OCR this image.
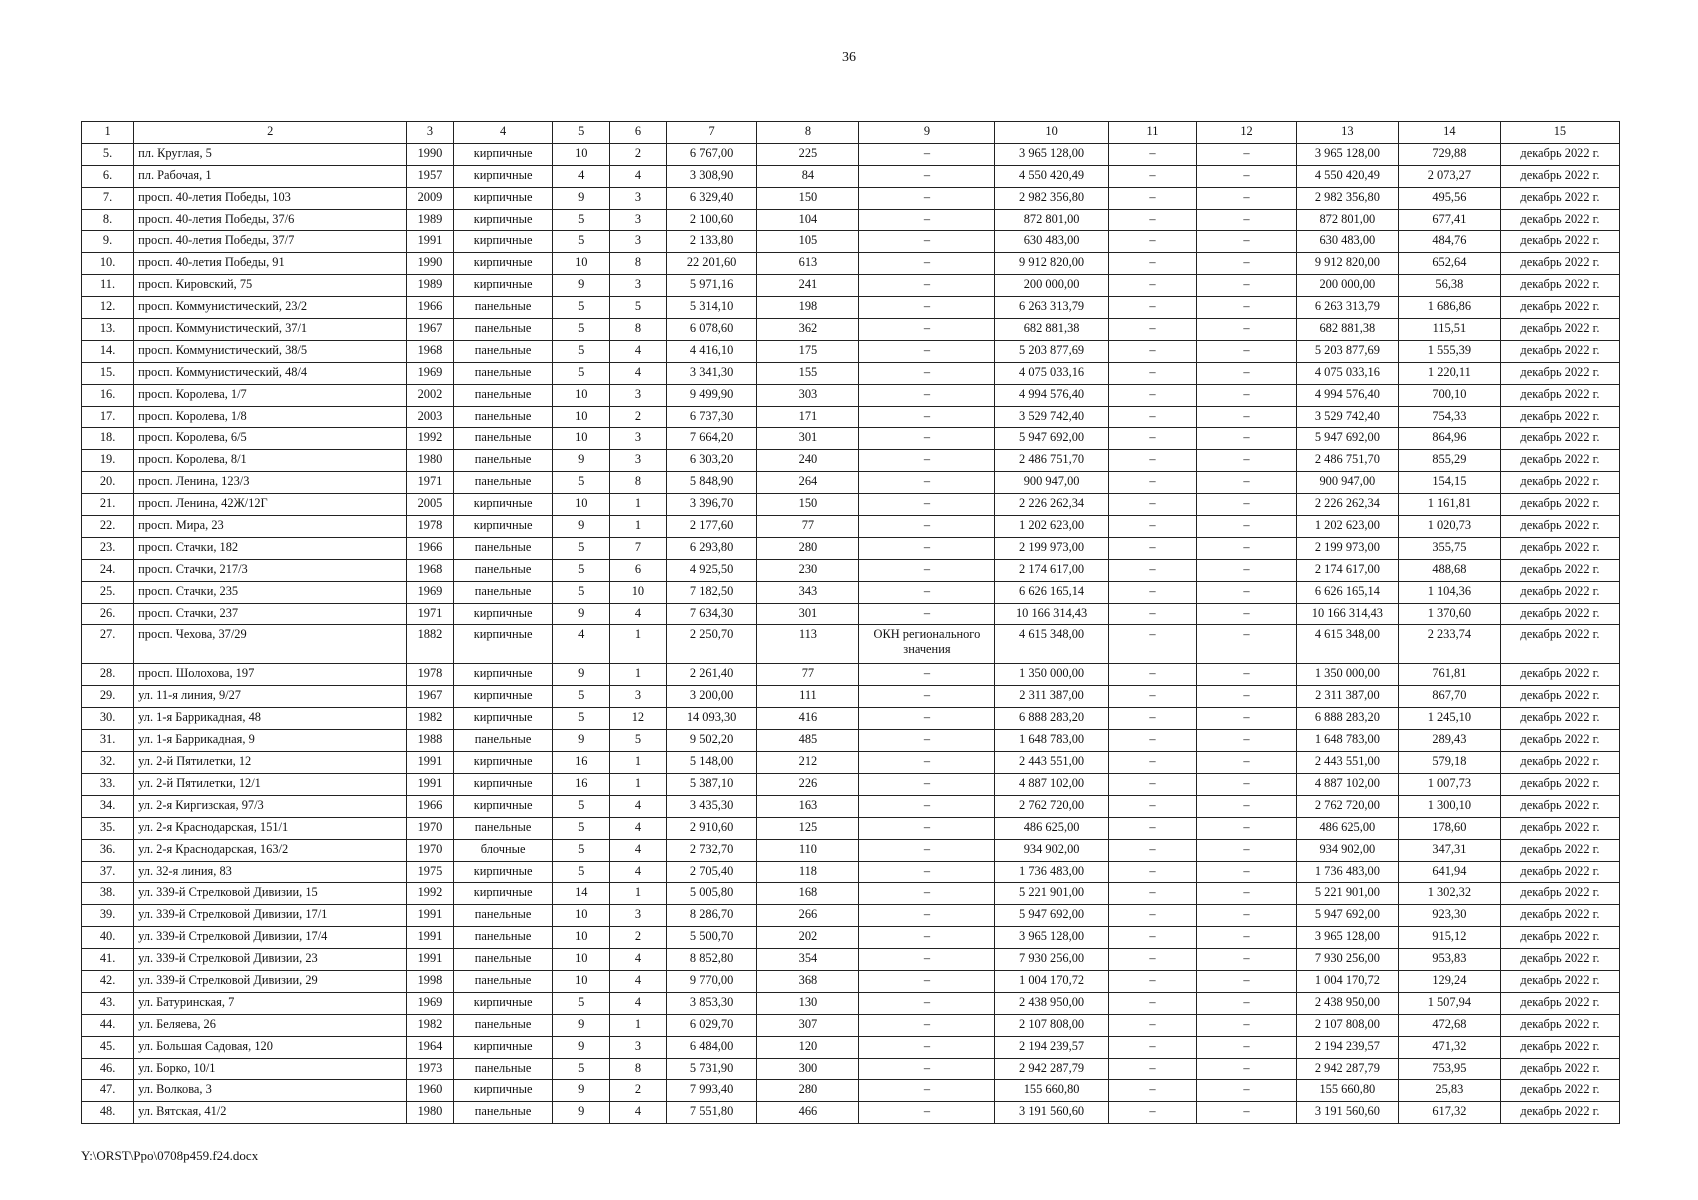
36
1	2	3	4	5	6	7	8	9	10	11	12	13	14	15
5.	пл. Круглая, 5	1990	кирпичные	10	2	6 767,00	225	–	3 965 128,00	–	–	3 965 128,00	729,88	декабрь 2022 г.
6.	пл. Рабочая, 1	1957	кирпичные	4	4	3 308,90	84	–	4 550 420,49	–	–	4 550 420,49	2 073,27	декабрь 2022 г.
7.	просп. 40-летия Победы, 103	2009	кирпичные	9	3	6 329,40	150	–	2 982 356,80	–	–	2 982 356,80	495,56	декабрь 2022 г.
8.	просп. 40-летия Победы, 37/6	1989	кирпичные	5	3	2 100,60	104	–	872 801,00	–	–	872 801,00	677,41	декабрь 2022 г.
9.	просп. 40-летия Победы, 37/7	1991	кирпичные	5	3	2 133,80	105	–	630 483,00	–	–	630 483,00	484,76	декабрь 2022 г.
10.	просп. 40-летия Победы, 91	1990	кирпичные	10	8	22 201,60	613	–	9 912 820,00	–	–	9 912 820,00	652,64	декабрь 2022 г.
11.	просп. Кировский, 75	1989	кирпичные	9	3	5 971,16	241	–	200 000,00	–	–	200 000,00	56,38	декабрь 2022 г.
12.	просп. Коммунистический, 23/2	1966	панельные	5	5	5 314,10	198	–	6 263 313,79	–	–	6 263 313,79	1 686,86	декабрь 2022 г.
13.	просп. Коммунистический, 37/1	1967	панельные	5	8	6 078,60	362	–	682 881,38	–	–	682 881,38	115,51	декабрь 2022 г.
14.	просп. Коммунистический, 38/5	1968	панельные	5	4	4 416,10	175	–	5 203 877,69	–	–	5 203 877,69	1 555,39	декабрь 2022 г.
15.	просп. Коммунистический, 48/4	1969	панельные	5	4	3 341,30	155	–	4 075 033,16	–	–	4 075 033,16	1 220,11	декабрь 2022 г.
16.	просп. Королева, 1/7	2002	панельные	10	3	9 499,90	303	–	4 994 576,40	–	–	4 994 576,40	700,10	декабрь 2022 г.
17.	просп. Королева, 1/8	2003	панельные	10	2	6 737,30	171	–	3 529 742,40	–	–	3 529 742,40	754,33	декабрь 2022 г.
18.	просп. Королева, 6/5	1992	панельные	10	3	7 664,20	301	–	5 947 692,00	–	–	5 947 692,00	864,96	декабрь 2022 г.
19.	просп. Королева, 8/1	1980	панельные	9	3	6 303,20	240	–	2 486 751,70	–	–	2 486 751,70	855,29	декабрь 2022 г.
20.	просп. Ленина, 123/3	1971	панельные	5	8	5 848,90	264	–	900 947,00	–	–	900 947,00	154,15	декабрь 2022 г.
21.	просп. Ленина, 42Ж/12Г	2005	кирпичные	10	1	3 396,70	150	–	2 226 262,34	–	–	2 226 262,34	1 161,81	декабрь 2022 г.
22.	просп. Мира, 23	1978	кирпичные	9	1	2 177,60	77	–	1 202 623,00	–	–	1 202 623,00	1 020,73	декабрь 2022 г.
23.	просп. Стачки, 182	1966	панельные	5	7	6 293,80	280	–	2 199 973,00	–	–	2 199 973,00	355,75	декабрь 2022 г.
24.	просп. Стачки, 217/3	1968	панельные	5	6	4 925,50	230	–	2 174 617,00	–	–	2 174 617,00	488,68	декабрь 2022 г.
25.	просп. Стачки, 235	1969	панельные	5	10	7 182,50	343	–	6 626 165,14	–	–	6 626 165,14	1 104,36	декабрь 2022 г.
26.	просп. Стачки, 237	1971	кирпичные	9	4	7 634,30	301	–	10 166 314,43	–	–	10 166 314,43	1 370,60	декабрь 2022 г.
27.	просп. Чехова, 37/29	1882	кирпичные	4	1	2 250,70	113	ОКН регионального значения	4 615 348,00	–	–	4 615 348,00	2 233,74	декабрь 2022 г.
28.	просп. Шолохова, 197	1978	кирпичные	9	1	2 261,40	77	–	1 350 000,00	–	–	1 350 000,00	761,81	декабрь 2022 г.
29.	ул. 11-я линия, 9/27	1967	кирпичные	5	3	3 200,00	111	–	2 311 387,00	–	–	2 311 387,00	867,70	декабрь 2022 г.
30.	ул. 1-я Баррикадная, 48	1982	кирпичные	5	12	14 093,30	416	–	6 888 283,20	–	–	6 888 283,20	1 245,10	декабрь 2022 г.
31.	ул. 1-я Баррикадная, 9	1988	панельные	9	5	9 502,20	485	–	1 648 783,00	–	–	1 648 783,00	289,43	декабрь 2022 г.
32.	ул. 2-й Пятилетки, 12	1991	кирпичные	16	1	5 148,00	212	–	2 443 551,00	–	–	2 443 551,00	579,18	декабрь 2022 г.
33.	ул. 2-й Пятилетки, 12/1	1991	кирпичные	16	1	5 387,10	226	–	4 887 102,00	–	–	4 887 102,00	1 007,73	декабрь 2022 г.
34.	ул. 2-я Киргизская, 97/3	1966	кирпичные	5	4	3 435,30	163	–	2 762 720,00	–	–	2 762 720,00	1 300,10	декабрь 2022 г.
35.	ул. 2-я Краснодарская, 151/1	1970	панельные	5	4	2 910,60	125	–	486 625,00	–	–	486 625,00	178,60	декабрь 2022 г.
36.	ул. 2-я Краснодарская, 163/2	1970	блочные	5	4	2 732,70	110	–	934 902,00	–	–	934 902,00	347,31	декабрь 2022 г.
37.	ул. 32-я линия, 83	1975	кирпичные	5	4	2 705,40	118	–	1 736 483,00	–	–	1 736 483,00	641,94	декабрь 2022 г.
38.	ул. 339-й Стрелковой Дивизии, 15	1992	кирпичные	14	1	5 005,80	168	–	5 221 901,00	–	–	5 221 901,00	1 302,32	декабрь 2022 г.
39.	ул. 339-й Стрелковой Дивизии, 17/1	1991	панельные	10	3	8 286,70	266	–	5 947 692,00	–	–	5 947 692,00	923,30	декабрь 2022 г.
40.	ул. 339-й Стрелковой Дивизии, 17/4	1991	панельные	10	2	5 500,70	202	–	3 965 128,00	–	–	3 965 128,00	915,12	декабрь 2022 г.
41.	ул. 339-й Стрелковой Дивизии, 23	1991	панельные	10	4	8 852,80	354	–	7 930 256,00	–	–	7 930 256,00	953,83	декабрь 2022 г.
42.	ул. 339-й Стрелковой Дивизии, 29	1998	панельные	10	4	9 770,00	368	–	1 004 170,72	–	–	1 004 170,72	129,24	декабрь 2022 г.
43.	ул. Батуринская, 7	1969	кирпичные	5	4	3 853,30	130	–	2 438 950,00	–	–	2 438 950,00	1 507,94	декабрь 2022 г.
44.	ул. Беляева, 26	1982	панельные	9	1	6 029,70	307	–	2 107 808,00	–	–	2 107 808,00	472,68	декабрь 2022 г.
45.	ул. Большая Садовая, 120	1964	кирпичные	9	3	6 484,00	120	–	2 194 239,57	–	–	2 194 239,57	471,32	декабрь 2022 г.
46.	ул. Борко, 10/1	1973	панельные	5	8	5 731,90	300	–	2 942 287,79	–	–	2 942 287,79	753,95	декабрь 2022 г.
47.	ул. Волкова, 3	1960	кирпичные	9	2	7 993,40	280	–	155 660,80	–	–	155 660,80	25,83	декабрь 2022 г.
48.	ул. Вятская, 41/2	1980	панельные	9	4	7 551,80	466	–	3 191 560,60	–	–	3 191 560,60	617,32	декабрь 2022 г.
Y:\ORST\Ppo\0708p459.f24.docx
